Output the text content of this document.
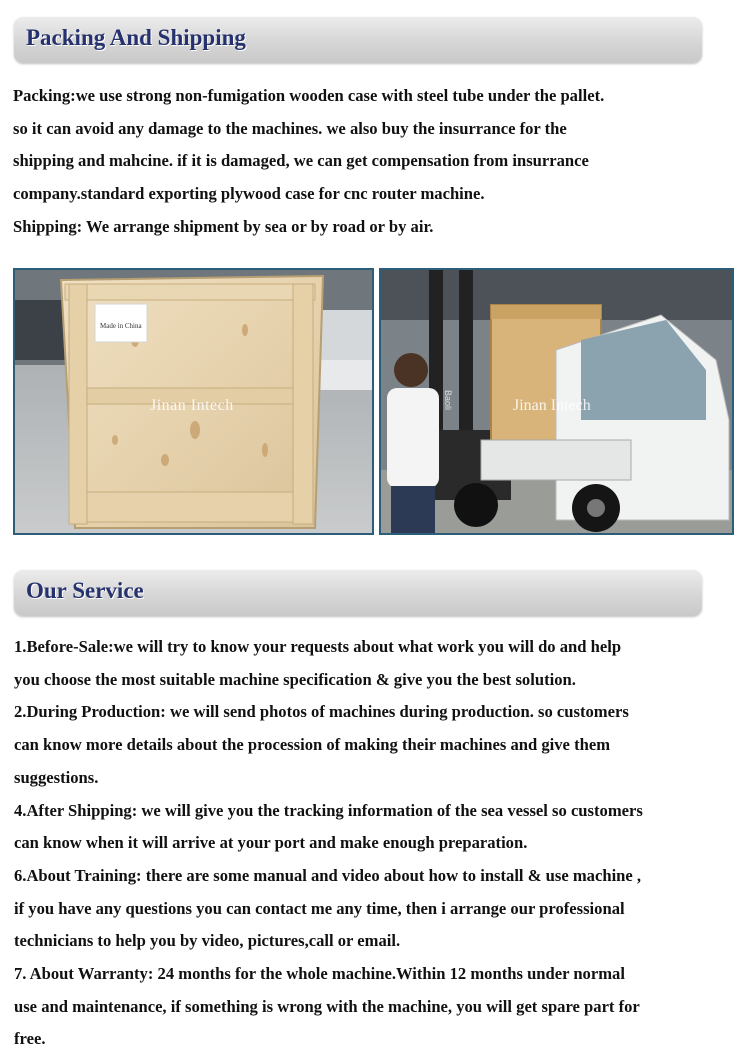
Packing And Shipping

Packing:we use strong non-fumigation wooden case with steel tube under the pallet.

so it can avoid any damage to the machines. we also buy the insurrance for the

shipping and mahcine. if it is damaged, we can get compensation from insurrance

company.standard exporting plywood case for cnc router machine.

Shipping: We arrange shipment by sea or by road or by air.

Made in China
Jinan Intech	Baoli	Jinan Intech
Our Service

1.Before-Sale:we will try to know your requests about what work you will do and help

you choose the most suitable machine specification & give you the best solution.

2.During Production: we will send photos of machines during production. so customers

can know more details about the procession of making their machines and give them

suggestions.

4.After Shipping: we will give you the tracking information of the sea vessel so customers

can know when it will arrive at your port and make enough preparation.

6.About Training: there are some manual and video about how to install & use machine ,

if you have any questions you can contact me any time, then i arrange our professional

technicians to help you by video, pictures,call or email.

7. About Warranty: 24 months for the whole machine.Within 12 months under normal

use and maintenance, if something is wrong with the machine, you will get spare part for

free.
